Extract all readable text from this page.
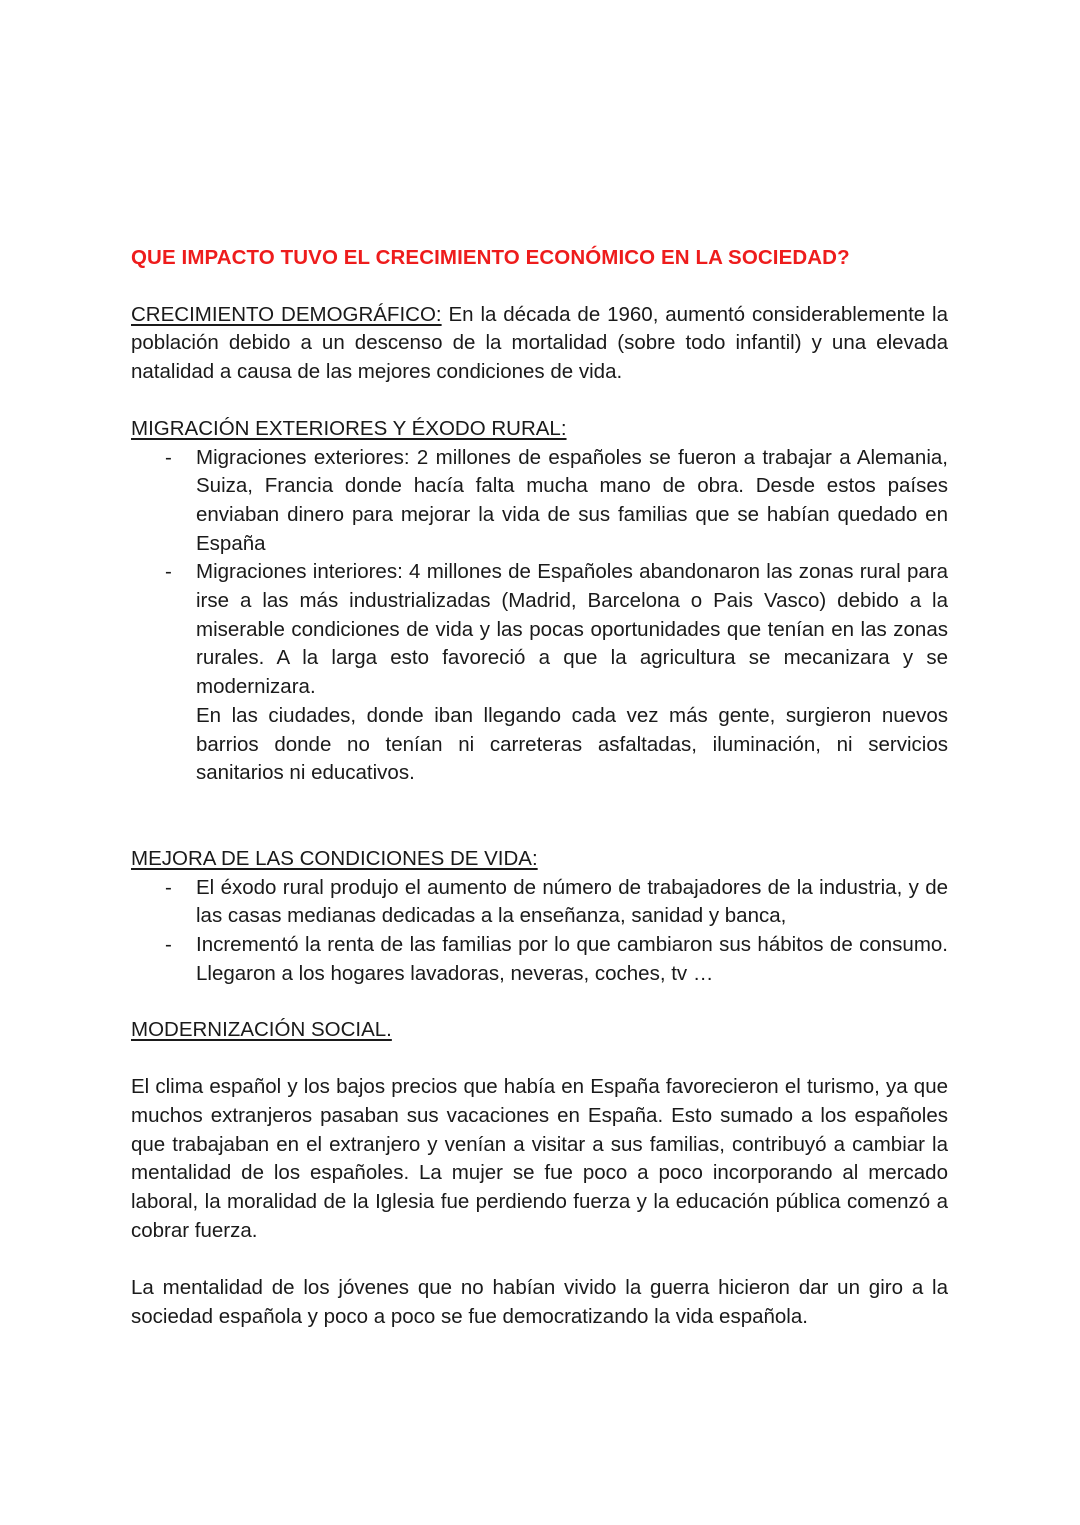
QUE IMPACTO TUVO EL CRECIMIENTO ECONÓMICO EN LA SOCIEDAD?

CRECIMIENTO DEMOGRÁFICO: En la década de 1960, aumentó considerablemente la población debido a un descenso de la mortalidad (sobre todo infantil) y una elevada natalidad a causa de las mejores condiciones de vida.

MIGRACIÓN EXTERIORES Y ÉXODO RURAL:
- Migraciones exteriores: 2 millones de españoles se fueron a trabajar a Alemania, Suiza, Francia donde hacía falta mucha mano de obra. Desde estos países enviaban dinero para mejorar la vida de sus familias que se habían quedado en España
- Migraciones interiores: 4 millones de Españoles abandonaron las zonas rural para irse a las más industrializadas (Madrid, Barcelona o Pais Vasco) debido a la miserable condiciones de vida y las pocas oportunidades que tenían en las zonas rurales. A la larga esto favoreció a que la agricultura se mecanizara y se modernizara.

En las ciudades, donde iban llegando cada vez más gente, surgieron nuevos barrios donde no tenían ni carreteras asfaltadas, iluminación, ni servicios sanitarios ni educativos.

MEJORA DE LAS CONDICIONES DE VIDA:
- El éxodo rural produjo el aumento de número de trabajadores de la industria, y de las casas medianas dedicadas a la enseñanza, sanidad y banca,
- Incrementó la renta de las familias por lo que cambiaron sus hábitos de consumo. Llegaron a los hogares lavadoras, neveras, coches, tv …
MODERNIZACIÓN SOCIAL.

El clima español y los bajos precios que había en España favorecieron el turismo, ya que muchos extranjeros pasaban sus vacaciones en España. Esto sumado a los españoles que trabajaban en el extranjero y venían a visitar a sus familias, contribuyó a cambiar la mentalidad de los españoles. La mujer se fue poco a poco incorporando al mercado laboral, la moralidad de la Iglesia fue perdiendo fuerza y la educación pública comenzó a cobrar fuerza.

La mentalidad de los jóvenes que no habían vivido la guerra hicieron dar un giro a la sociedad española y poco a poco se fue democratizando la vida española.
